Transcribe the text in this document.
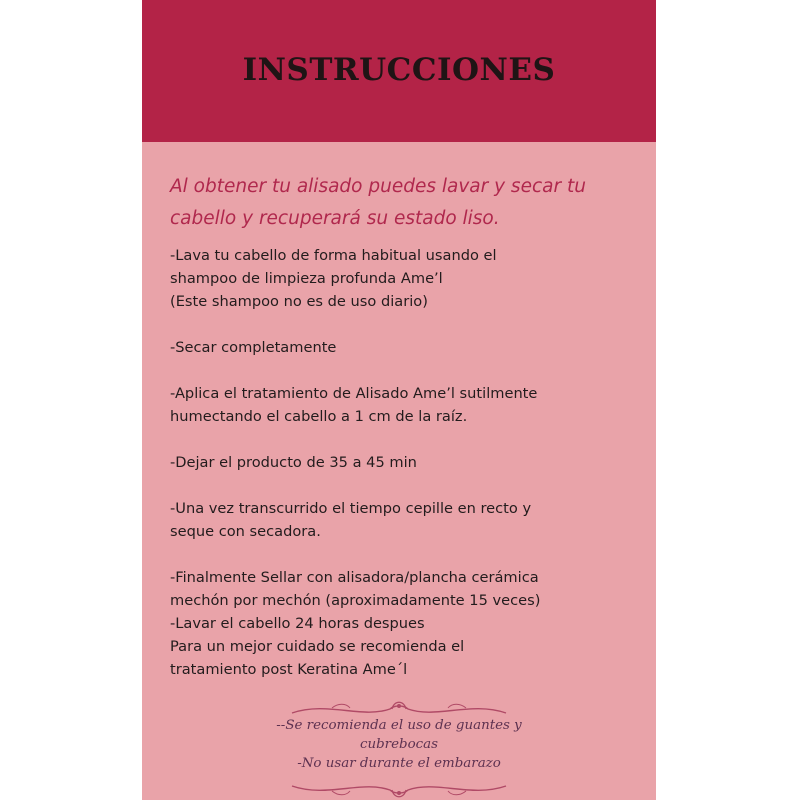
INSTRUCCIONES
Al obtener tu alisado puedes lavar y secar tu
cabello y recuperará su estado liso.
-Lava tu cabello de forma habitual usando el
shampoo de limpieza profunda Ame’l
(Este shampoo no es de uso diario)
-Secar completamente
-Aplica el tratamiento de Alisado Ame’l sutilmente
humectando el cabello a 1 cm de la raíz.
-Dejar el producto de 35 a 45 min
-Una vez transcurrido el tiempo cepille en recto y
seque con secadora.
-Finalmente Sellar con alisadora/plancha cerámica
mechón por mechón (aproximadamente 15 veces)
-Lavar el cabello 24 horas despues
Para un mejor cuidado se recomienda el
tratamiento post Keratina Ame´l
--Se recomienda el uso de guantes y
cubrebocas
-No usar durante el embarazo
